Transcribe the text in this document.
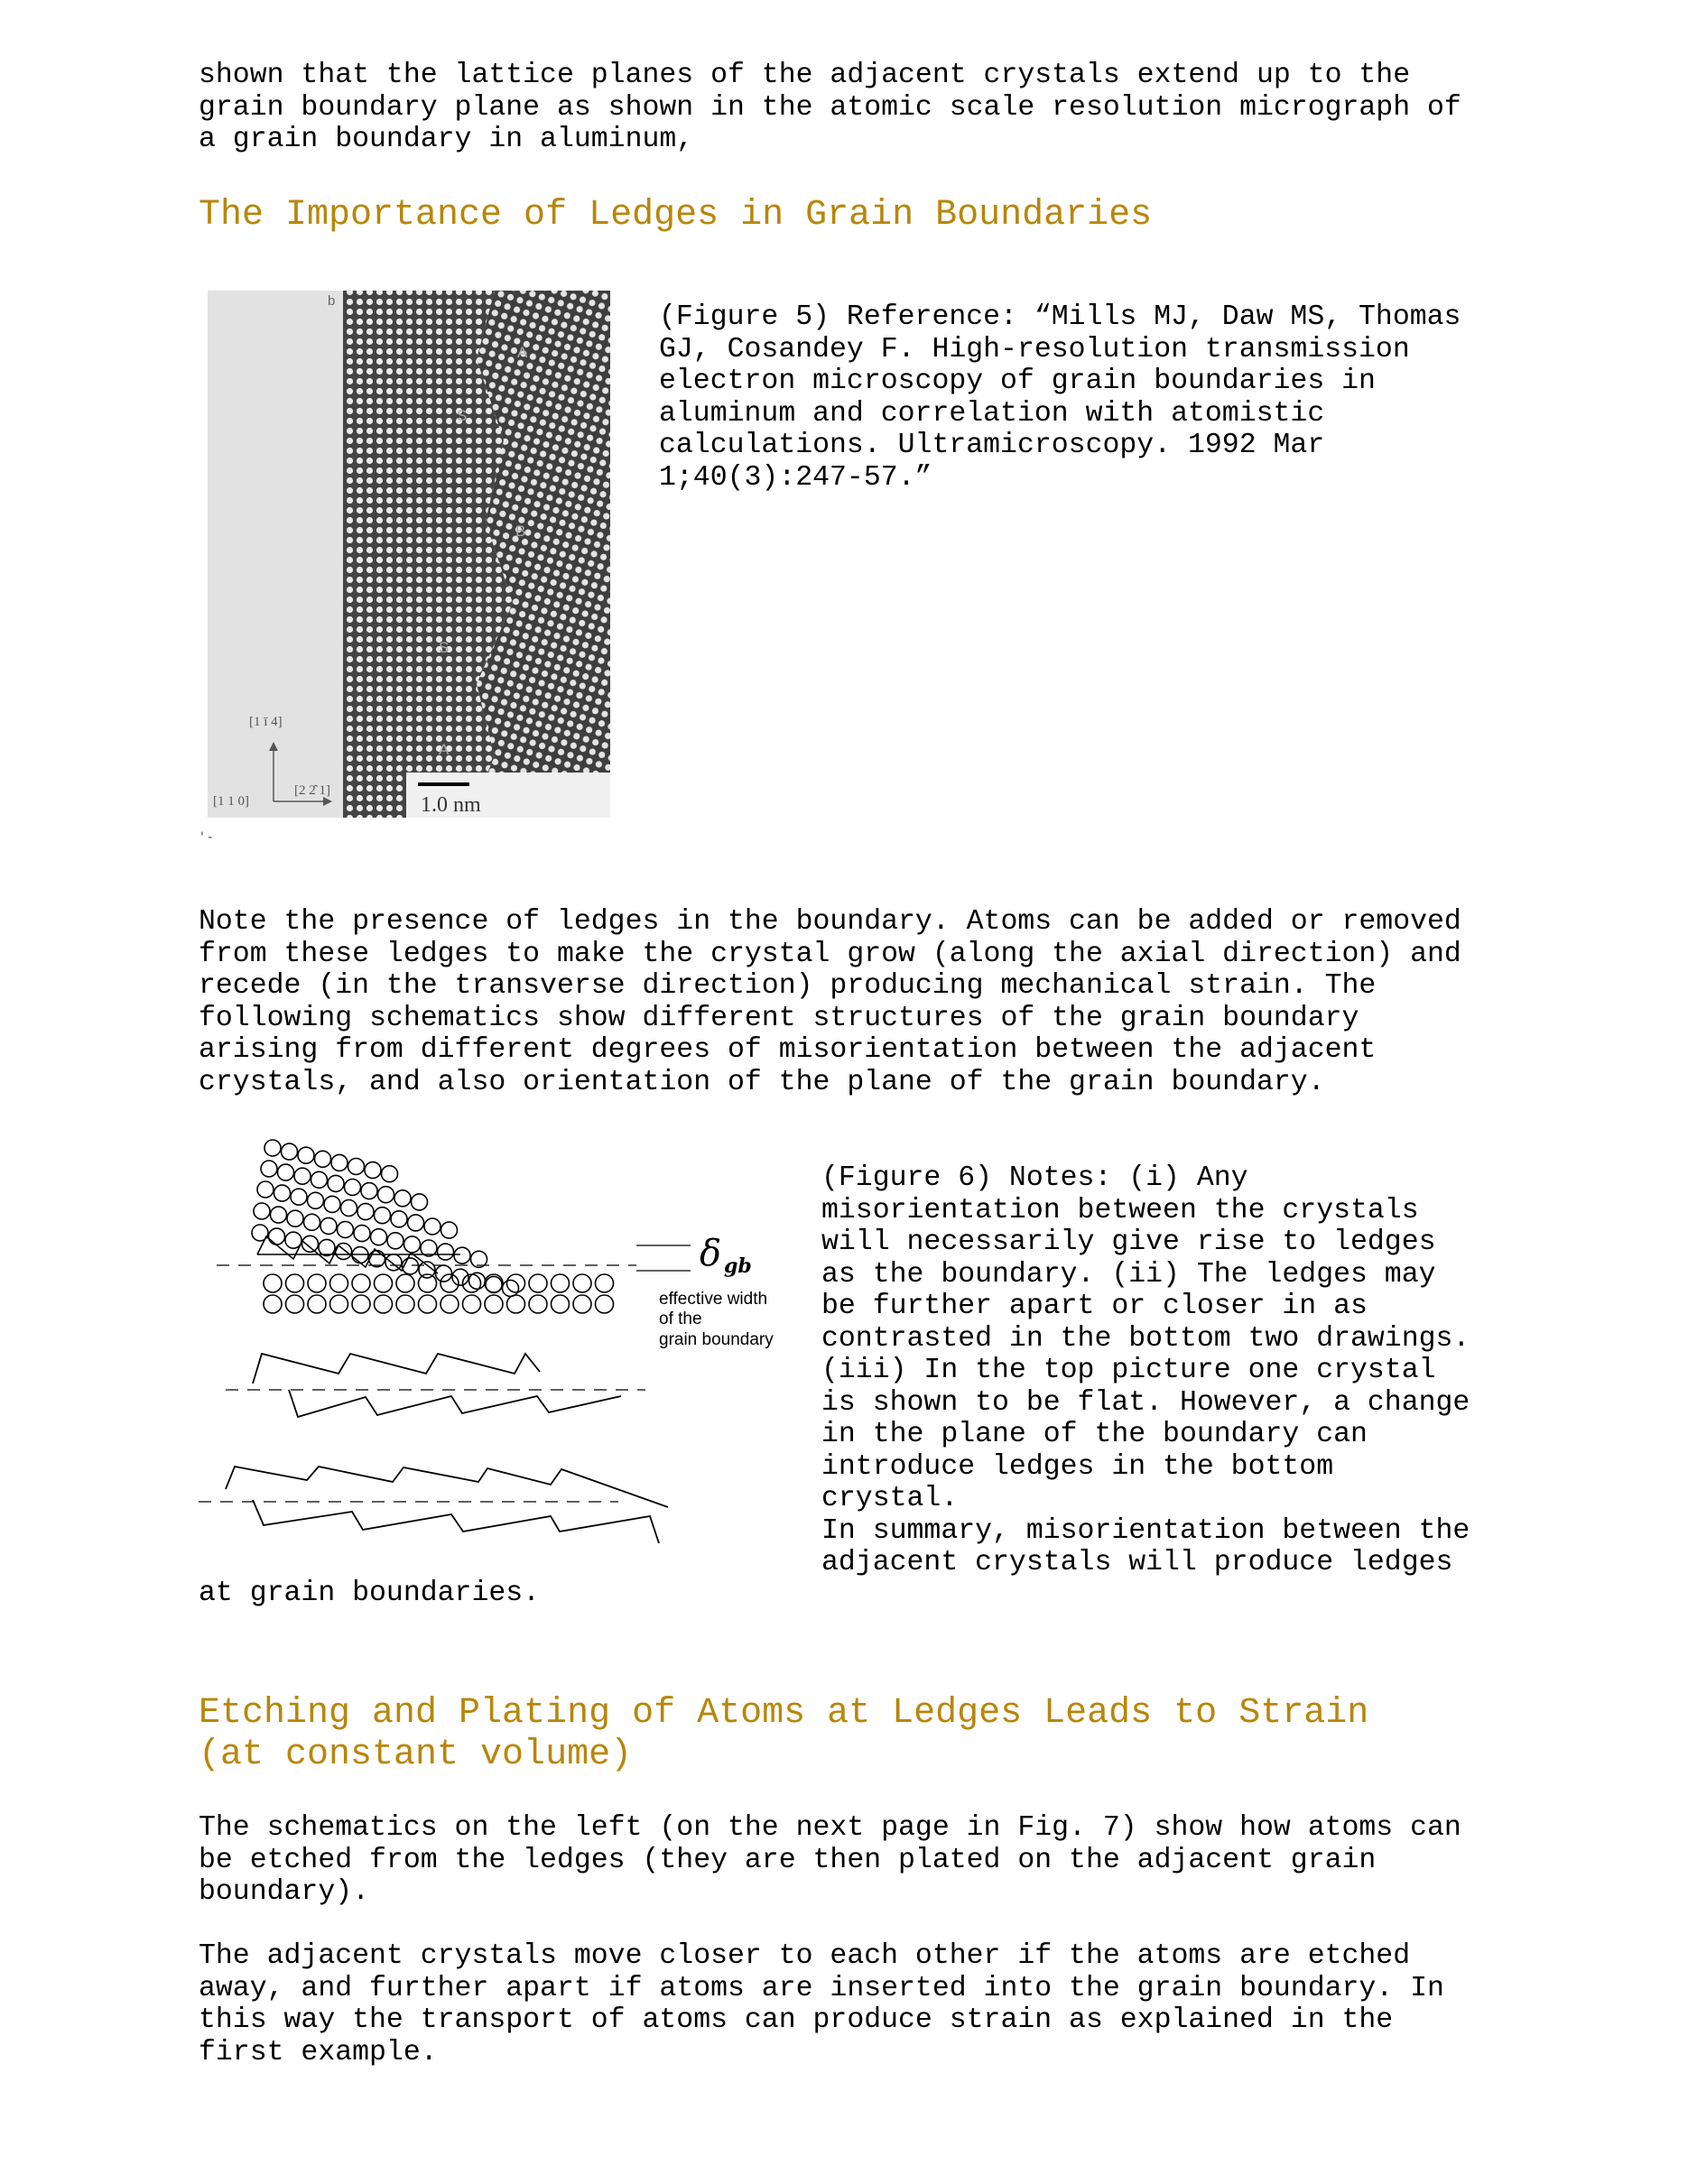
shown that the lattice planes of the adjacent crystals extend up to the
grain boundary plane as shown in the atomic scale resolution micrograph of
a grain boundary in aluminum,

The Importance of Ledges in Grain Boundaries
1.0 nm
b
A
S
B
S
A
[1 ī 4]
[1 1 0]
[2 2̂ 1]
' -

(Figure 5) Reference: “Mills MJ, Daw MS, Thomas
GJ, Cosandey F. High-resolution transmission
electron microscopy of grain boundaries in
aluminum and correlation with atomistic
calculations. Ultramicroscopy. 1992 Mar
1;40(3):247-57.”

Note the presence of ledges in the boundary. Atoms can be added or removed
from these ledges to make the crystal grow (along the axial direction) and
recede (in the transverse direction) producing mechanical strain. The
following schematics show different structures of the grain boundary
arising from different degrees of misorientation between the adjacent
crystals, and also orientation of the plane of the grain boundary.

δ gb
effective width
of the
grain boundary

(Figure 6) Notes: (i) Any
misorientation between the crystals
will necessarily give rise to ledges
as the boundary. (ii) The ledges may
be further apart or closer in as
contrasted in the bottom two drawings.
(iii) In the top picture one crystal
is shown to be flat. However, a change
in the plane of the boundary can
introduce ledges in the bottom
crystal.
In summary, misorientation between the
adjacent crystals will produce ledges

at grain boundaries.

Etching and Plating of Atoms at Ledges Leads to Strain
(at constant volume)

The schematics on the left (on the next page in Fig. 7) show how atoms can
be etched from the ledges (they are then plated on the adjacent grain
boundary).

The adjacent crystals move closer to each other if the atoms are etched
away, and further apart if atoms are inserted into the grain boundary. In
this way the transport of atoms can produce strain as explained in the
first example.
